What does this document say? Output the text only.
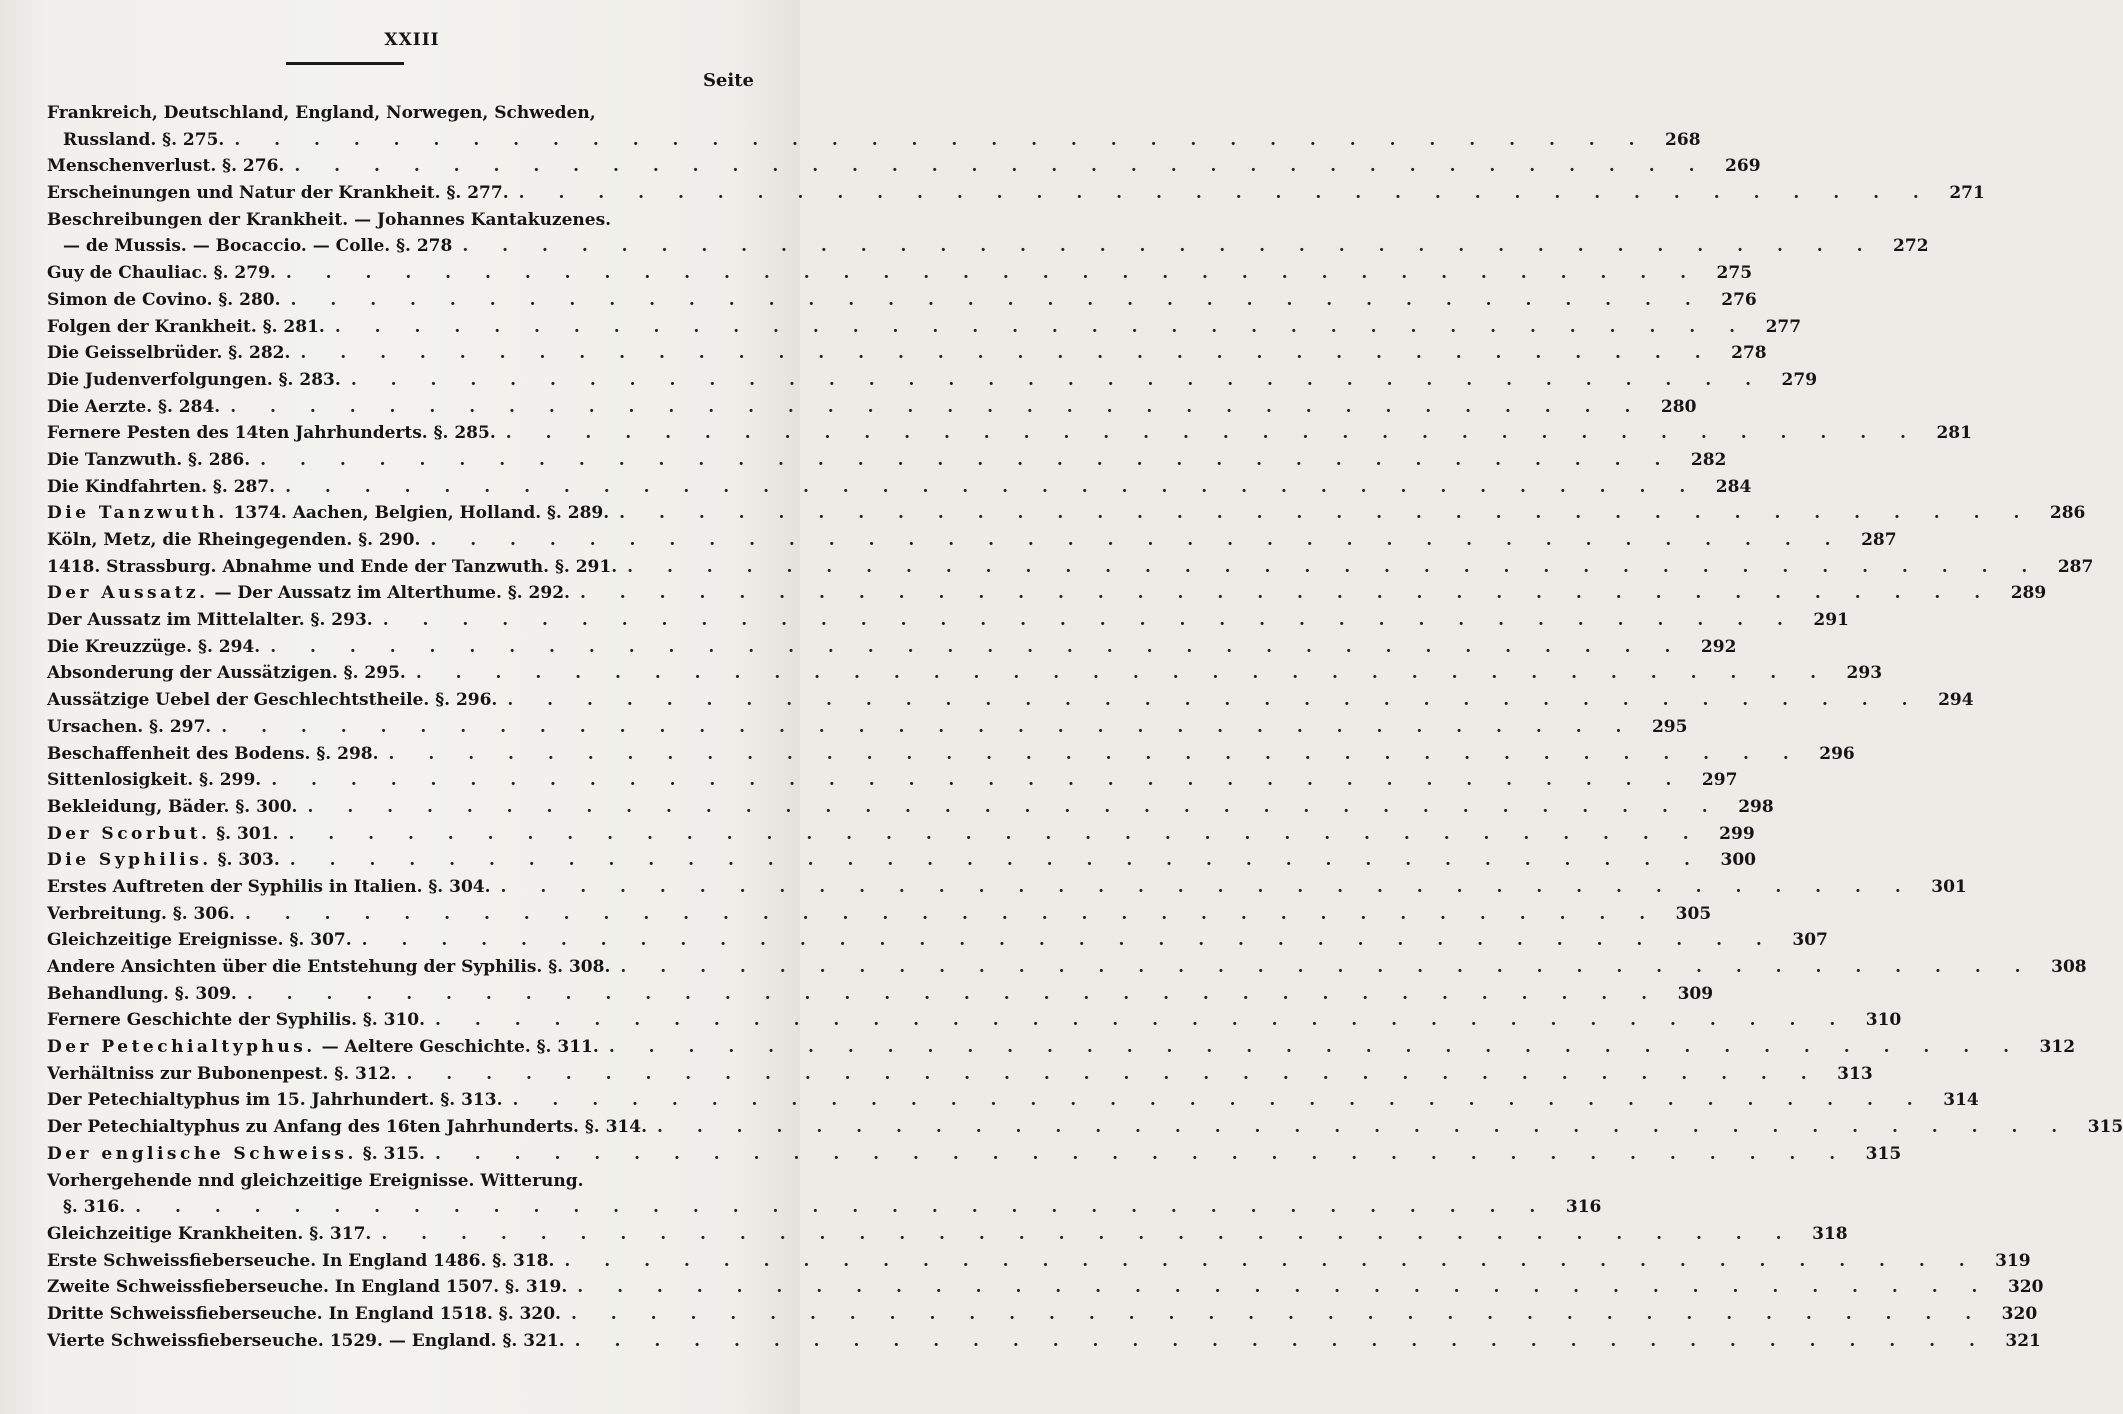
XXIII
Seite
Frankreich, Deutschland, England, Norwegen, Schweden,
Russland. §. 275. . . . . . . . . . . . . . . . . . . . . . . . . . . . . . . . . . . . . 268
Menschenverlust. §. 276. . . . . . . . . . . . . . . . . . . . . . . . . . . . . . . . . . . . . 269
Erscheinungen und Natur der Krankheit. §. 277. . . . . . . . . . . . . . . . . . . . . . . . . . . . . . . . . . . . . 271
Beschreibungen der Krankheit. — Johannes Kantakuzenes.
— de Mussis. — Bocaccio. — Colle. §. 278 . . . . . . . . . . . . . . . . . . . . . . . . . . . . . . . . . . . . 272
Guy de Chauliac. §. 279. . . . . . . . . . . . . . . . . . . . . . . . . . . . . . . . . . . . . 275
Simon de Covino. §. 280. . . . . . . . . . . . . . . . . . . . . . . . . . . . . . . . . . . . . 276
Folgen der Krankheit. §. 281. . . . . . . . . . . . . . . . . . . . . . . . . . . . . . . . . . . . . 277
Die Geisselbrüder. §. 282. . . . . . . . . . . . . . . . . . . . . . . . . . . . . . . . . . . . . 278
Die Judenverfolgungen. §. 283. . . . . . . . . . . . . . . . . . . . . . . . . . . . . . . . . . . . . 279
Die Aerzte. §. 284. . . . . . . . . . . . . . . . . . . . . . . . . . . . . . . . . . . . . 280
Fernere Pesten des 14ten Jahrhunderts. §. 285. . . . . . . . . . . . . . . . . . . . . . . . . . . . . . . . . . . . . 281
Die Tanzwuth. §. 286. . . . . . . . . . . . . . . . . . . . . . . . . . . . . . . . . . . . . 282
Die Kindfahrten. §. 287. . . . . . . . . . . . . . . . . . . . . . . . . . . . . . . . . . . . . 284
Die Tanzwuth. 1374. Aachen, Belgien, Holland. §. 289. . . . . . . . . . . . . . . . . . . . . . . . . . . . . . . . . . . . . 286
Köln, Metz, die Rheingegenden. §. 290. . . . . . . . . . . . . . . . . . . . . . . . . . . . . . . . . . . . . 287
1418. Strassburg. Abnahme und Ende der Tanzwuth. §. 291. . . . . . . . . . . . . . . . . . . . . . . . . . . . . . . . . . . . . 287
Der Aussatz. — Der Aussatz im Alterthume. §. 292. . . . . . . . . . . . . . . . . . . . . . . . . . . . . . . . . . . . . 289
Der Aussatz im Mittelalter. §. 293. . . . . . . . . . . . . . . . . . . . . . . . . . . . . . . . . . . . . 291
Die Kreuzzüge. §. 294. . . . . . . . . . . . . . . . . . . . . . . . . . . . . . . . . . . . . 292
Absonderung der Aussätzigen. §. 295. . . . . . . . . . . . . . . . . . . . . . . . . . . . . . . . . . . . . 293
Aussätzige Uebel der Geschlechtstheile. §. 296. . . . . . . . . . . . . . . . . . . . . . . . . . . . . . . . . . . . . 294
Ursachen. §. 297. . . . . . . . . . . . . . . . . . . . . . . . . . . . . . . . . . . . . 295
Beschaffenheit des Bodens. §. 298. . . . . . . . . . . . . . . . . . . . . . . . . . . . . . . . . . . . . 296
Sittenlosigkeit. §. 299. . . . . . . . . . . . . . . . . . . . . . . . . . . . . . . . . . . . . 297
Bekleidung, Bäder. §. 300. . . . . . . . . . . . . . . . . . . . . . . . . . . . . . . . . . . . . 298
Der Scorbut. §. 301. . . . . . . . . . . . . . . . . . . . . . . . . . . . . . . . . . . . . 299
Die Syphilis. §. 303. . . . . . . . . . . . . . . . . . . . . . . . . . . . . . . . . . . . . 300
Erstes Auftreten der Syphilis in Italien. §. 304. . . . . . . . . . . . . . . . . . . . . . . . . . . . . . . . . . . . . 301
Verbreitung. §. 306. . . . . . . . . . . . . . . . . . . . . . . . . . . . . . . . . . . . . 305
Gleichzeitige Ereignisse. §. 307. . . . . . . . . . . . . . . . . . . . . . . . . . . . . . . . . . . . . 307
Andere Ansichten über die Entstehung der Syphilis. §. 308. . . . . . . . . . . . . . . . . . . . . . . . . . . . . . . . . . . . . 308
Behandlung. §. 309. . . . . . . . . . . . . . . . . . . . . . . . . . . . . . . . . . . . . 309
Fernere Geschichte der Syphilis. §. 310. . . . . . . . . . . . . . . . . . . . . . . . . . . . . . . . . . . . . 310
Der Petechialtyphus. — Aeltere Geschichte. §. 311. . . . . . . . . . . . . . . . . . . . . . . . . . . . . . . . . . . . . 312
Verhältniss zur Bubonenpest. §. 312. . . . . . . . . . . . . . . . . . . . . . . . . . . . . . . . . . . . . 313
Der Petechialtyphus im 15. Jahrhundert. §. 313. . . . . . . . . . . . . . . . . . . . . . . . . . . . . . . . . . . . . 314
Der Petechialtyphus zu Anfang des 16ten Jahrhunderts. §. 314. . . . . . . . . . . . . . . . . . . . . . . . . . . . . . . . . . . . . 315
Der englische Schweiss. §. 315. . . . . . . . . . . . . . . . . . . . . . . . . . . . . . . . . . . . . 315
Vorhergehende nnd gleichzeitige Ereignisse. Witterung.
§. 316. . . . . . . . . . . . . . . . . . . . . . . . . . . . . . . . . . . . . 316
Gleichzeitige Krankheiten. §. 317. . . . . . . . . . . . . . . . . . . . . . . . . . . . . . . . . . . . . 318
Erste Schweissfieberseuche. In England 1486. §. 318. . . . . . . . . . . . . . . . . . . . . . . . . . . . . . . . . . . . . 319
Zweite Schweissfieberseuche. In England 1507. §. 319. . . . . . . . . . . . . . . . . . . . . . . . . . . . . . . . . . . . . 320
Dritte Schweissfieberseuche. In England 1518. §. 320. . . . . . . . . . . . . . . . . . . . . . . . . . . . . . . . . . . . . 320
Vierte Schweissfieberseuche. 1529. — England. §. 321. . . . . . . . . . . . . . . . . . . . . . . . . . . . . . . . . . . . . 321
